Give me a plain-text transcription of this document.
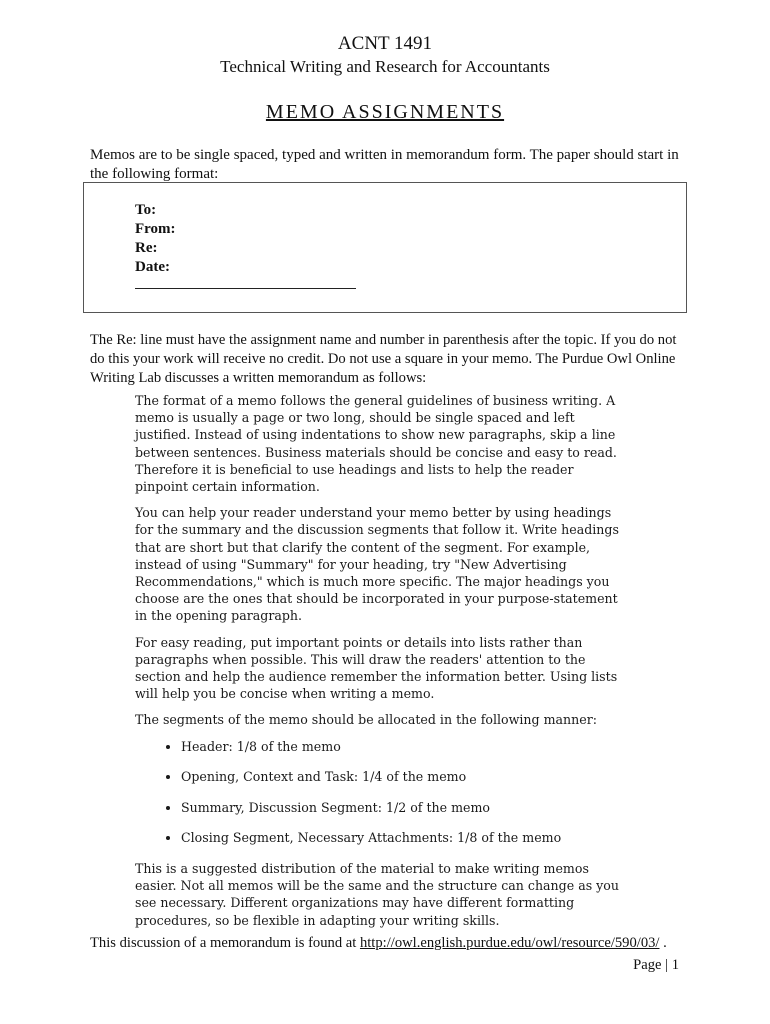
ACNT 1491
Technical Writing and Research for Accountants
MEMO ASSIGNMENTS
Memos are to be single spaced, typed and written in memorandum form. The paper should start in the following format:
To:
From:
Re:
Date:
The Re: line must have the assignment name and number in parenthesis after the topic. If you do not do this your work will receive no credit. Do not use a square in your memo. The Purdue Owl Online Writing Lab discusses a written memorandum as follows:

The format of a memo follows the general guidelines of business writing. A memo is usually a page or two long, should be single spaced and left justified. Instead of using indentations to show new paragraphs, skip a line between sentences. Business materials should be concise and easy to read. Therefore it is beneficial to use headings and lists to help the reader pinpoint certain information.

You can help your reader understand your memo better by using headings for the summary and the discussion segments that follow it. Write headings that are short but that clarify the content of the segment. For example, instead of using "Summary" for your heading, try "New Advertising Recommendations," which is much more specific. The major headings you choose are the ones that should be incorporated in your purpose-statement in the opening paragraph.

For easy reading, put important points or details into lists rather than paragraphs when possible. This will draw the readers' attention to the section and help the audience remember the information better. Using lists will help you be concise when writing a memo.

The segments of the memo should be allocated in the following manner:

• Header: 1/8 of the memo
• Opening, Context and Task: 1/4 of the memo
• Summary, Discussion Segment: 1/2 of the memo
• Closing Segment, Necessary Attachments: 1/8 of the memo

This is a suggested distribution of the material to make writing memos easier. Not all memos will be the same and the structure can change as you see necessary. Different organizations may have different formatting procedures, so be flexible in adapting your writing skills.

This discussion of a memorandum is found at http://owl.english.purdue.edu/owl/resource/590/03/ .
Page | 1
